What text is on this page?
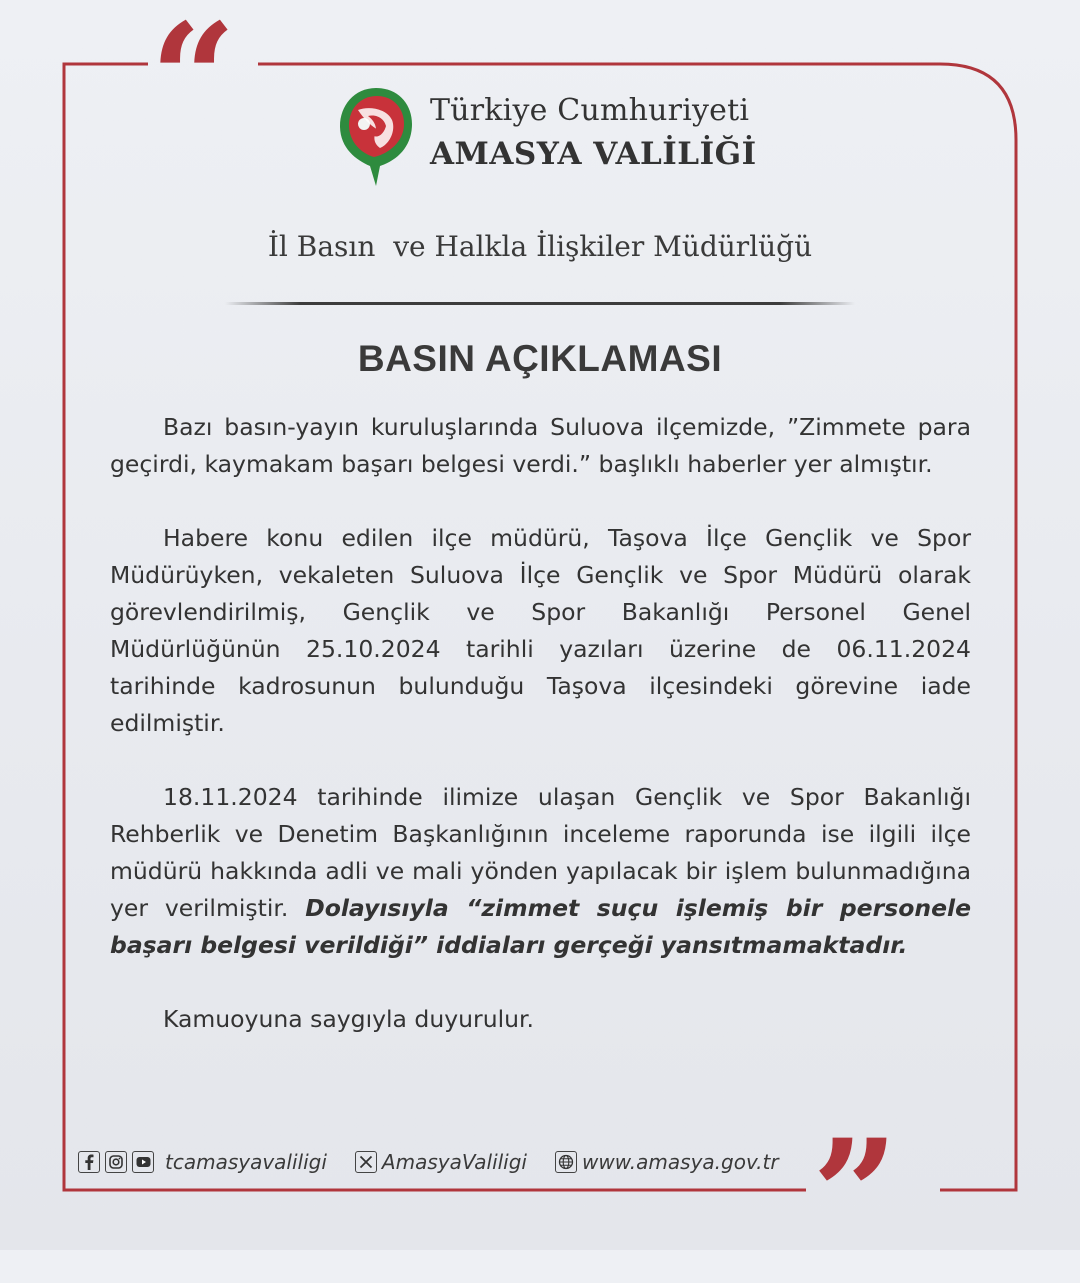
“
”
Türkiye Cumhuriyeti
AMASYA VALİLİĞİ
İl Basın  ve Halkla İlişkiler Müdürlüğü
BASIN AÇIKLAMASI

Bazı basın-yayın kuruluşlarında Suluova ilçemizde, ”Zimmete para geçirdi, kaymakam başarı belgesi verdi.” başlıklı haberler yer almıştır.

Habere konu edilen ilçe müdürü, Taşova İlçe Gençlik ve Spor Müdürüyken, vekaleten Suluova İlçe Gençlik ve Spor Müdürü olarak görevlendirilmiş, Gençlik ve Spor Bakanlığı Personel Genel Müdürlüğünün 25.10.2024 tarihli yazıları üzerine de 06.11.2024 tarihinde kadrosunun bulunduğu Taşova ilçesindeki görevine iade edilmiştir.

18.11.2024 tarihinde ilimize ulaşan Gençlik ve Spor Bakanlığı Rehberlik ve Denetim Başkanlığının inceleme raporunda ise ilgili ilçe müdürü hakkında adli ve mali yönden yapılacak bir işlem bulunmadığına yer verilmiştir. Dolayısıyla “zimmet suçu işlemiş bir personele başarı belgesi verildiği” iddiaları gerçeği yansıtmamaktadır.

Kamuoyuna saygıyla duyurulur.

tcamasyavaliligi	AmasyaValiligi	www.amasya.gov.tr
